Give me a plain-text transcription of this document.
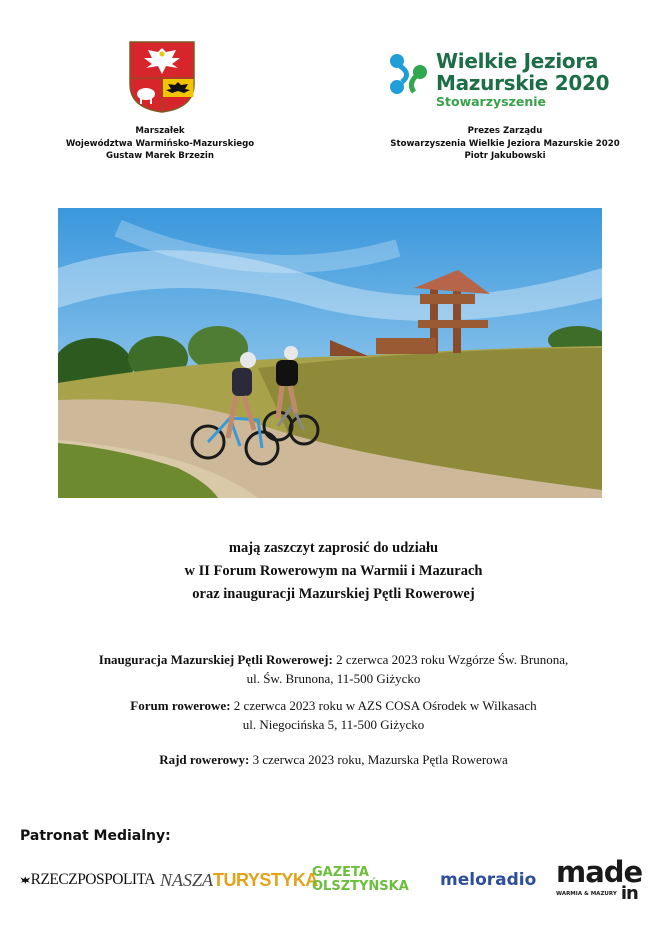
Wielkie Jeziora
Mazurskie 2020
Stowarzyszenie
Marszałek
Województwa Warmińsko-Mazurskiego
Gustaw Marek Brzezin
Prezes Zarządu
Stowarzyszenia Wielkie Jeziora Mazurskie 2020
Piotr Jakubowski
mają zaszczyt zaprosić do udziału
w II Forum Rowerowym na Warmii i Mazurach
oraz inauguracji Mazurskiej Pętli Rowerowej
Inauguracja Mazurskiej Pętli Rowerowej: 2 czerwca 2023 roku Wzgórze Św. Brunona,
ul. Św. Brunona, 11-500 Giżycko
Forum rowerowe: 2 czerwca 2023 roku w AZS COSA Ośrodek w Wilkasach
ul. Niegocińska 5, 11-500 Giżycko
Rajd rowerowy: 3 czerwca 2023 roku, Mazurska Pętla Rowerowa
Patronat Medialny:
RZECZPOSPOLITA NASZA TURYSTYKA
GAZETA
OLSZTYŃSKA meloradio made
WARMIA & MAZURY in
